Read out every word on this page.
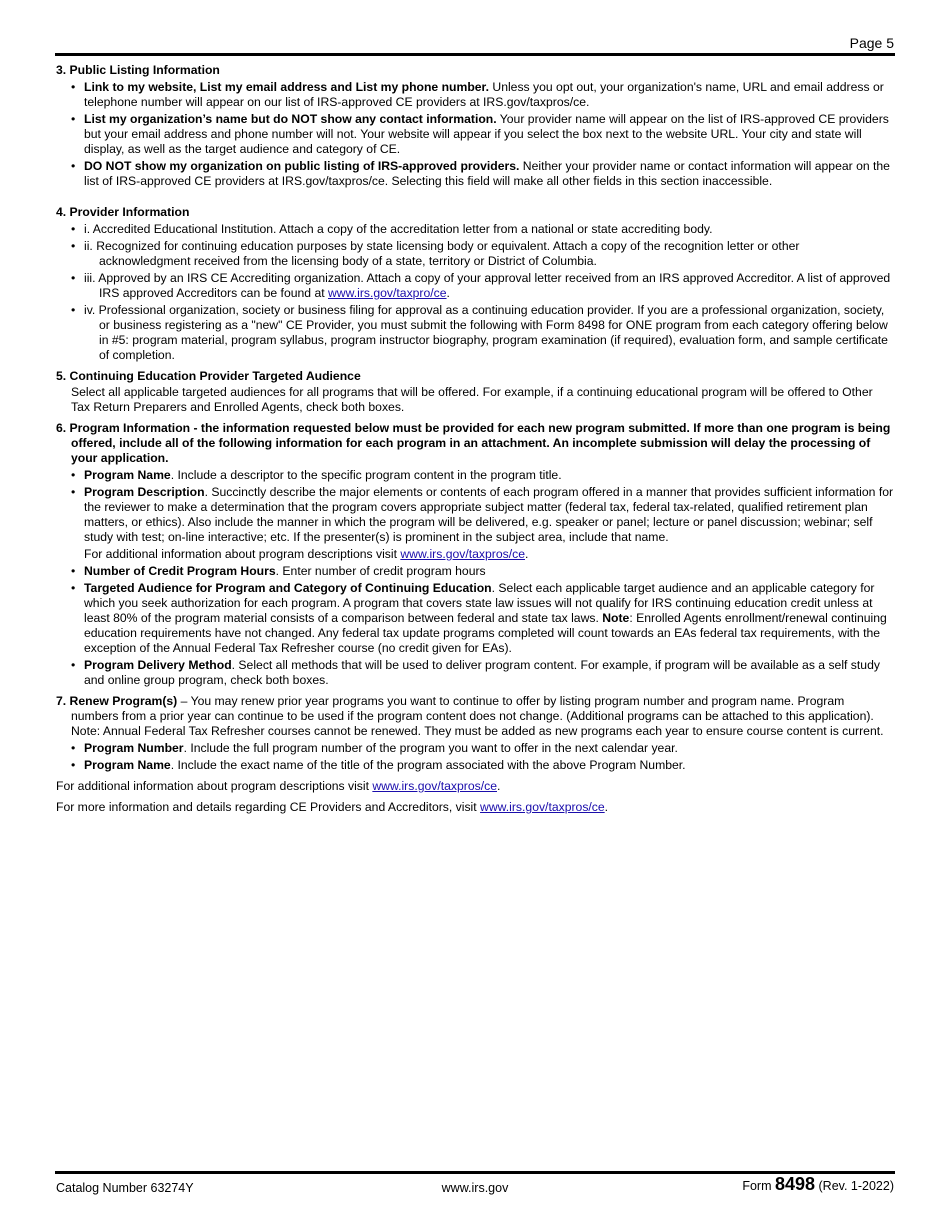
Page 5

3. Public Listing Information

• Link to my website, List my email address and List my phone number. Unless you opt out, your organization's name, URL and email address or telephone number will appear on our list of IRS-approved CE providers at IRS.gov/taxpros/ce.
• List my organization’s name but do NOT show any contact information. Your provider name will appear on the list of IRS-approved CE providers but your email address and phone number will not. Your website will appear if you select the box next to the website URL. Your city and state will display, as well as the target audience and category of CE.
• DO NOT show my organization on public listing of IRS-approved providers. Neither your provider name or contact information will appear on the list of IRS-approved CE providers at IRS.gov/taxpros/ce. Selecting this field will make all other fields in this section inaccessible.

4. Provider Information

• i. Accredited Educational Institution. Attach a copy of the accreditation letter from a national or state accrediting body.
• ii. Recognized for continuing education purposes by state licensing body or equivalent. Attach a copy of the recognition letter or other acknowledgment received from the licensing body of a state, territory or District of Columbia.
• iii. Approved by an IRS CE Accrediting organization. Attach a copy of your approval letter received from an IRS approved Accreditor. A list of approved IRS approved Accreditors can be found at www.irs.gov/taxpro/ce.
• iv. Professional organization, society or business filing for approval as a continuing education provider. If you are a professional organization, society, or business registering as a "new" CE Provider, you must submit the following with Form 8498 for ONE program from each category offering below in #5: program material, program syllabus, program instructor biography, program examination (if required), evaluation form, and sample certificate of completion.

5. Continuing Education Provider Targeted Audience

Select all applicable targeted audiences for all programs that will be offered. For example, if a continuing educational program will be offered to Other Tax Return Preparers and Enrolled Agents, check both boxes.

6. Program Information - the information requested below must be provided for each new program submitted. If more than one program is being offered, include all of the following information for each program in an attachment. An incomplete submission will delay the processing of your application.

• Program Name. Include a descriptor to the specific program content in the program title.
• Program Description. Succinctly describe the major elements or contents of each program offered in a manner that provides sufficient information for the reviewer to make a determination that the program covers appropriate subject matter (federal tax, federal tax-related, qualified retirement plan matters, or ethics). Also include the manner in which the program will be delivered, e.g. speaker or panel; lecture or panel discussion; webinar; self study with test; on-line interactive; etc. If the presenter(s) is prominent in the subject area, include that name.
For additional information about program descriptions visit www.irs.gov/taxpros/ce.
• Number of Credit Program Hours. Enter number of credit program hours
• Targeted Audience for Program and Category of Continuing Education. Select each applicable target audience and an applicable category for which you seek authorization for each program. A program that covers state law issues will not qualify for IRS continuing education credit unless at least 80% of the program material consists of a comparison between federal and state tax laws. Note: Enrolled Agents enrollment/renewal continuing education requirements have not changed. Any federal tax update programs completed will count towards an EAs federal tax requirements, with the exception of the Annual Federal Tax Refresher course (no credit given for EAs).
• Program Delivery Method. Select all methods that will be used to deliver program content. For example, if program will be available as a self study and online group program, check both boxes.

7. Renew Program(s) – You may renew prior year programs you want to continue to offer by listing program number and program name. Program numbers from a prior year can continue to be used if the program content does not change. (Additional programs can be attached to this application). Note: Annual Federal Tax Refresher courses cannot be renewed. They must be added as new programs each year to ensure course content is current.

• Program Number. Include the full program number of the program you want to offer in the next calendar year.
• Program Name. Include the exact name of the title of the program associated with the above Program Number.

For additional information about program descriptions visit www.irs.gov/taxpros/ce.

For more information and details regarding CE Providers and Accreditors, visit www.irs.gov/taxpros/ce.

Catalog Number 63274Y	www.irs.gov	Form 8498 (Rev. 1-2022)
